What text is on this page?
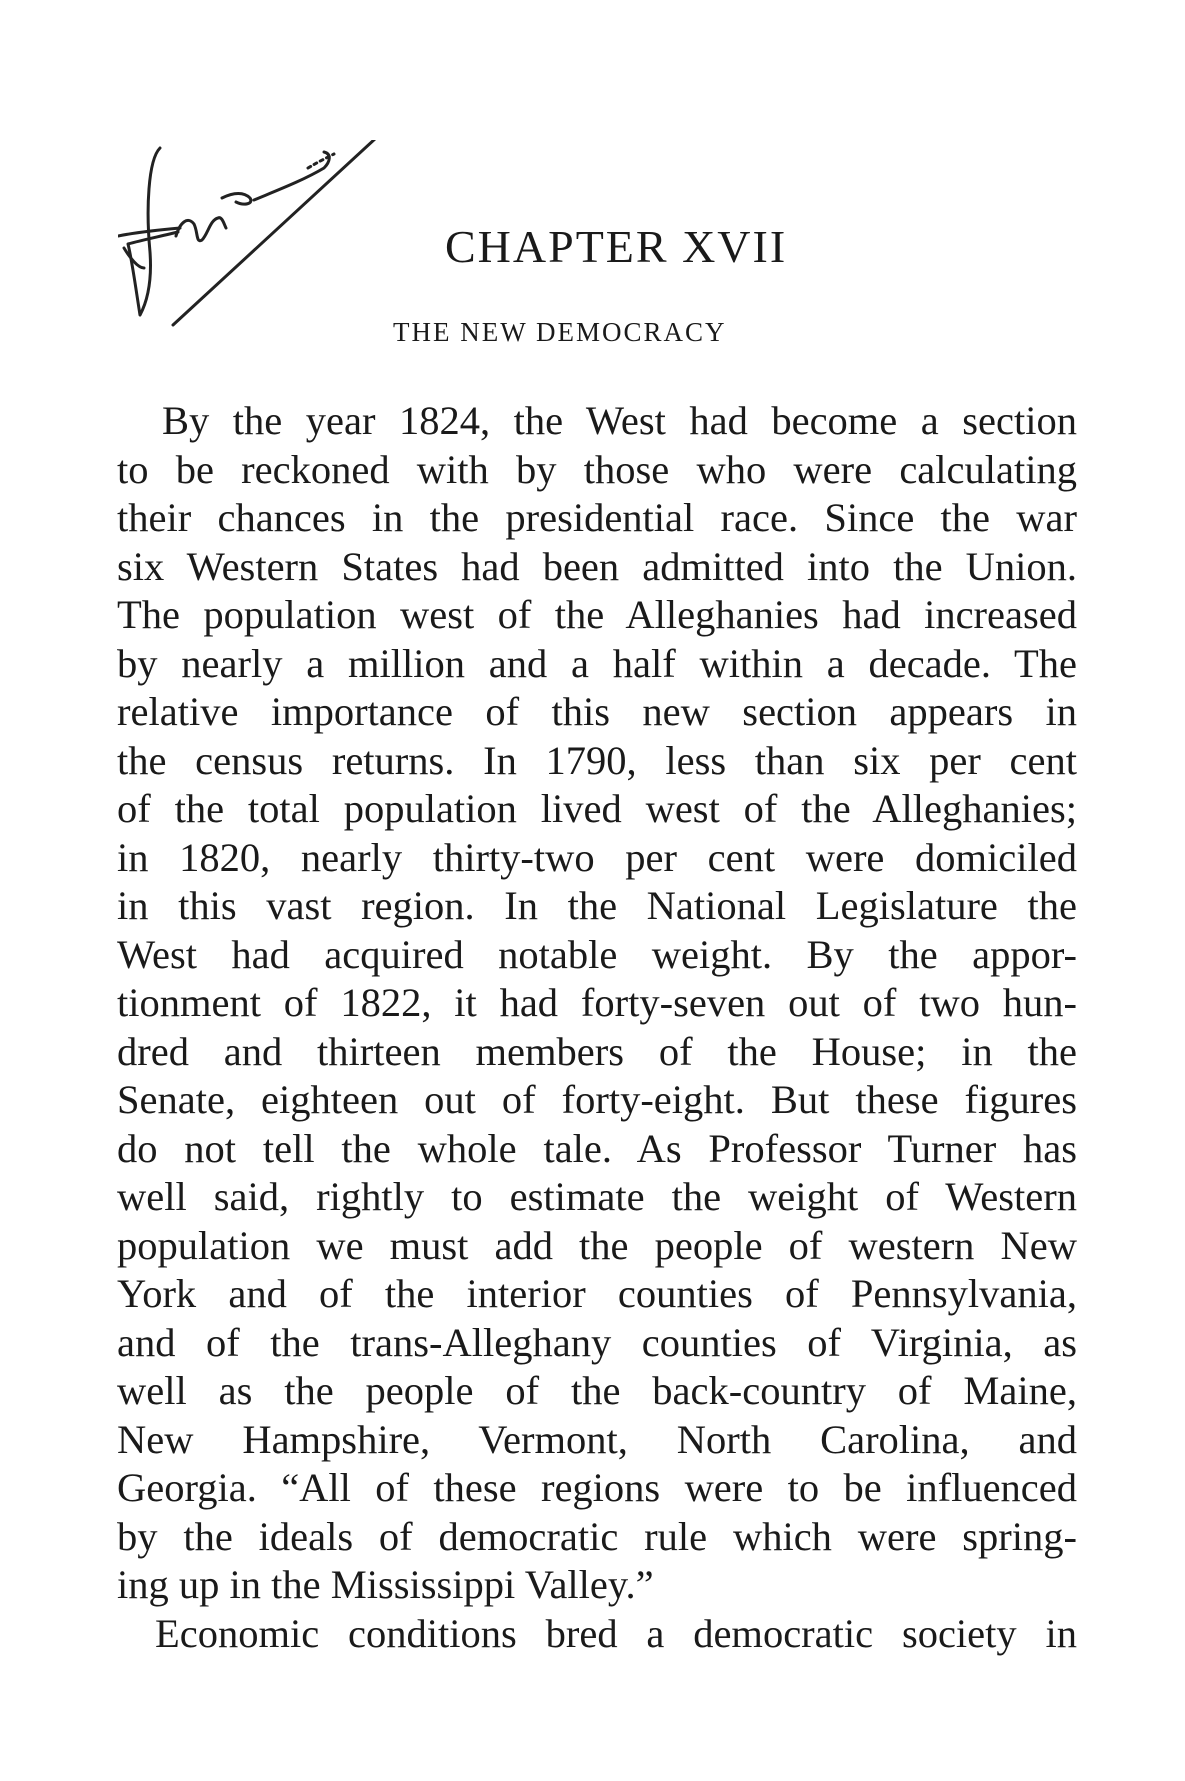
CHAPTER XVII
THE NEW DEMOCRACY
By the year 1824, the West had become a section
to be reckoned with by those who were calculating
their chances in the presidential race. Since the war
six Western States had been admitted into the Union.
The population west of the Alleghanies had increased
by nearly a million and a half within a decade. The
relative importance of this new section appears in
the census returns. In 1790, less than six per cent
of the total population lived west of the Alleghanies;
in 1820, nearly thirty-two per cent were domiciled
in this vast region. In the National Legislature the
West had acquired notable weight. By the appor-
tionment of 1822, it had forty-seven out of two hun-
dred and thirteen members of the House; in the
Senate, eighteen out of forty-eight. But these figures
do not tell the whole tale. As Professor Turner has
well said, rightly to estimate the weight of Western
population we must add the people of western New
York and of the interior counties of Pennsylvania,
and of the trans-Alleghany counties of Virginia, as
well as the people of the back-country of Maine,
New Hampshire, Vermont, North Carolina, and
Georgia. “All of these regions were to be influenced
by the ideals of democratic rule which were spring-
ing up in the Mississippi Valley.”
Economic conditions bred a democratic society in
